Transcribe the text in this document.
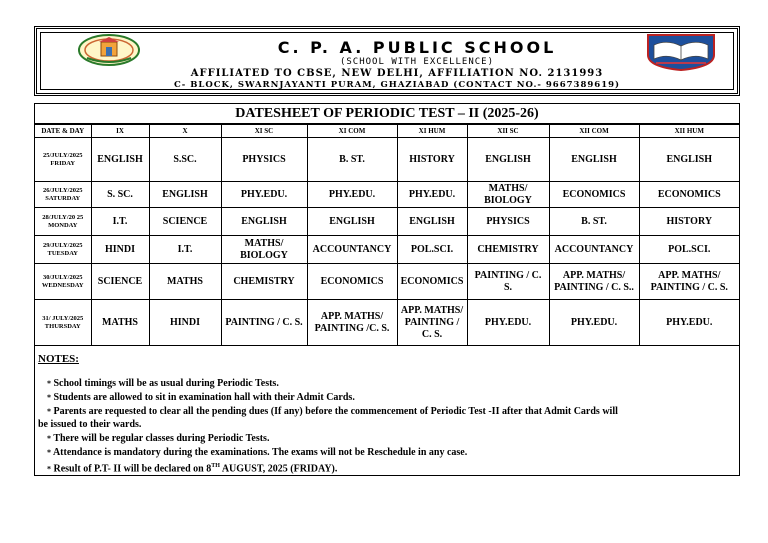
C. P. A. PUBLIC SCHOOL
(SCHOOL WITH EXCELLENCE)
AFFILIATED TO CBSE, NEW DELHI, AFFILIATION NO. 2131993
C- BLOCK, SWARNJAYANTI PURAM, GHAZIABAD (CONTACT NO.- 9667389619)
DATESHEET OF PERIODIC TEST – II (2025-26)
DATE & DAY	IX	X	XI SC	XI COM	XI HUM	XII SC	XII COM	XII HUM

25/JULY/2025
FRIDAY	ENGLISH	S.SC.	PHYSICS	B. ST.	HISTORY	ENGLISH	ENGLISH	ENGLISH

26/JULY/2025
SATURDAY	S. SC.	ENGLISH	PHY.EDU.	PHY.EDU.	PHY.EDU.	MATHS/ BIOLOGY	ECONOMICS	ECONOMICS

28/JULY/20 25
MONDAY	I.T.	SCIENCE	ENGLISH	ENGLISH	ENGLISH	PHYSICS	B. ST.	HISTORY

29/JULY/2025
TUESDAY	HINDI	I.T.	MATHS/ BIOLOGY	ACCOUNTANCY	POL.SCI.	CHEMISTRY	ACCOUNTANCY	POL.SCI.

30/JULY/2025
WEDNESDAY	SCIENCE	MATHS	CHEMISTRY	ECONOMICS	ECONOMICS	PAINTING / C. S.	APP. MATHS/ PAINTING / C. S..	APP. MATHS/ PAINTING / C. S.

31/ JULY/2025
THURSDAY	MATHS	HINDI	PAINTING / C. S.	APP. MATHS/ PAINTING /C. S.	APP. MATHS/ PAINTING / C. S.	PHY.EDU.	PHY.EDU.	PHY.EDU.
NOTES:
* School timings will be as usual during Periodic Tests.
* Students are allowed to sit in examination hall with their Admit Cards.
* Parents are requested to clear all the pending dues (If any) before the commencement of Periodic Test -II after that Admit Cards will
be issued to their wards.
* There will be regular classes during Periodic Tests.
* Attendance is mandatory during the examinations. The exams will not be Reschedule in any case.
* Result of P.T- II will be declared on 8TH AUGUST, 2025 (FRIDAY).
